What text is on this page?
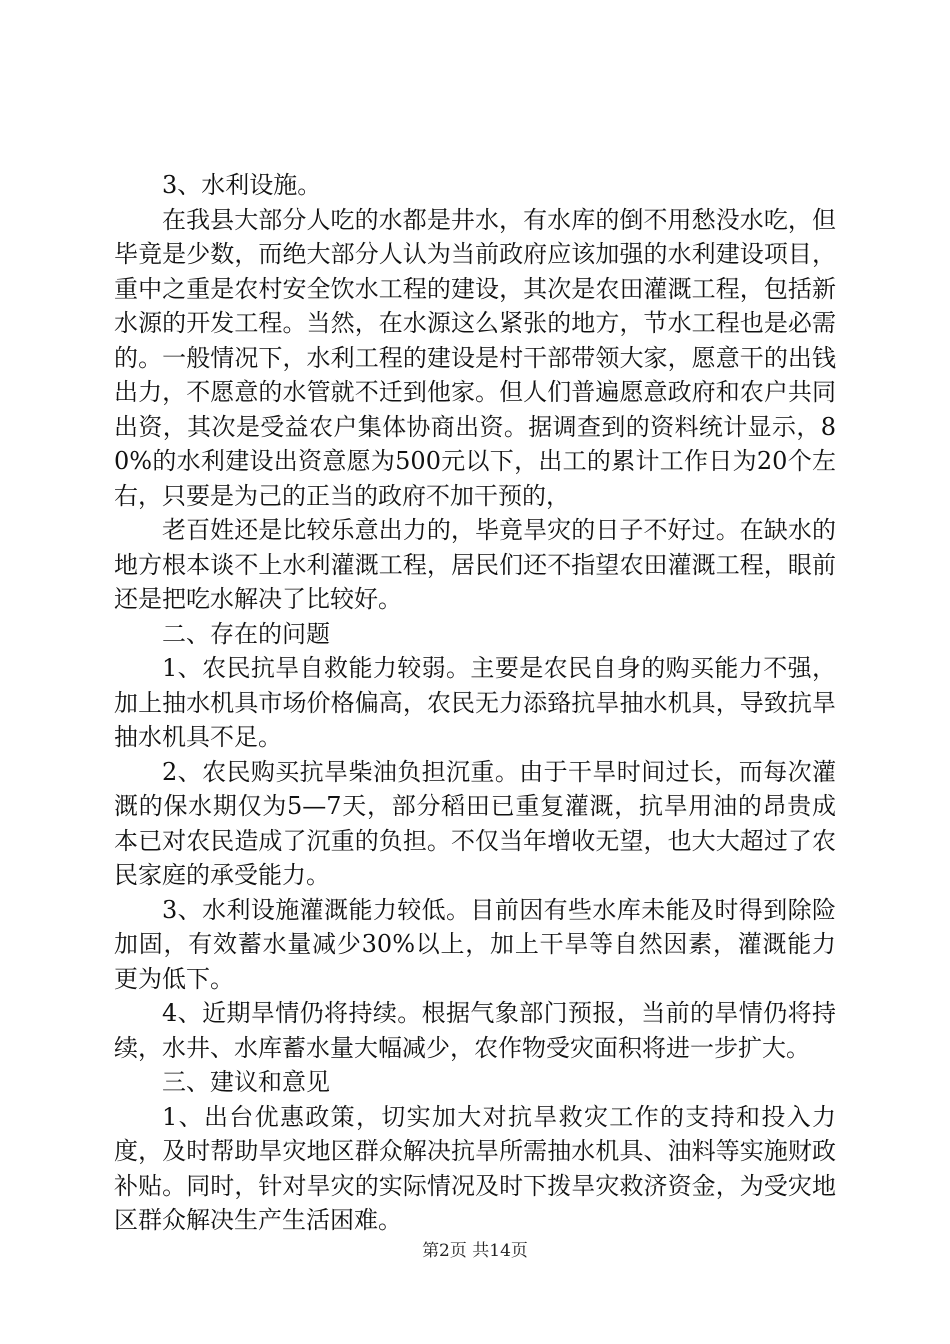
3、水利设施。

在我县大部分人吃的水都是井水，有水库的倒不用愁没水吃，但毕竟是少数，而绝大部分人认为当前政府应该加强的水利建设项目，重中之重是农村安全饮水工程的建设，其次是农田灌溉工程，包括新水源的开发工程。当然，在水源这么紧张的地方，节水工程也是必需的。一般情况下，水利工程的建设是村干部带领大家，愿意干的出钱出力，不愿意的水管就不迁到他家。但人们普遍愿意政府和农户共同出资，其次是受益农户集体协商出资。据调查到的资料统计显示，80%的水利建设出资意愿为500元以下，出工的累计工作日为20个左右，只要是为己的正当的政府不加干预的，

老百姓还是比较乐意出力的，毕竟旱灾的日子不好过。在缺水的地方根本谈不上水利灌溉工程，居民们还不指望农田灌溉工程，眼前还是把吃水解决了比较好。

二、存在的问题

1、农民抗旱自救能力较弱。主要是农民自身的购买能力不强，加上抽水机具市场价格偏高，农民无力添臵抗旱抽水机具，导致抗旱抽水机具不足。

2、农民购买抗旱柴油负担沉重。由于干旱时间过长，而每次灌溉的保水期仅为5—7天，部分稻田已重复灌溉，抗旱用油的昂贵成本已对农民造成了沉重的负担。不仅当年增收无望，也大大超过了农民家庭的承受能力。

3、水利设施灌溉能力较低。目前因有些水库未能及时得到除险加固，有效蓄水量减少30%以上，加上干旱等自然因素，灌溉能力更为低下。

4、近期旱情仍将持续。根据气象部门预报，当前的旱情仍将持续，水井、水库蓄水量大幅减少，农作物受灾面积将进一步扩大。

三、建议和意见

1、出台优惠政策，切实加大对抗旱救灾工作的支持和投入力度，及时帮助旱灾地区群众解决抗旱所需抽水机具、油料等实施财政补贴。同时，针对旱灾的实际情况及时下拨旱灾救济资金，为受灾地区群众解决生产生活困难。

第2页 共14页
